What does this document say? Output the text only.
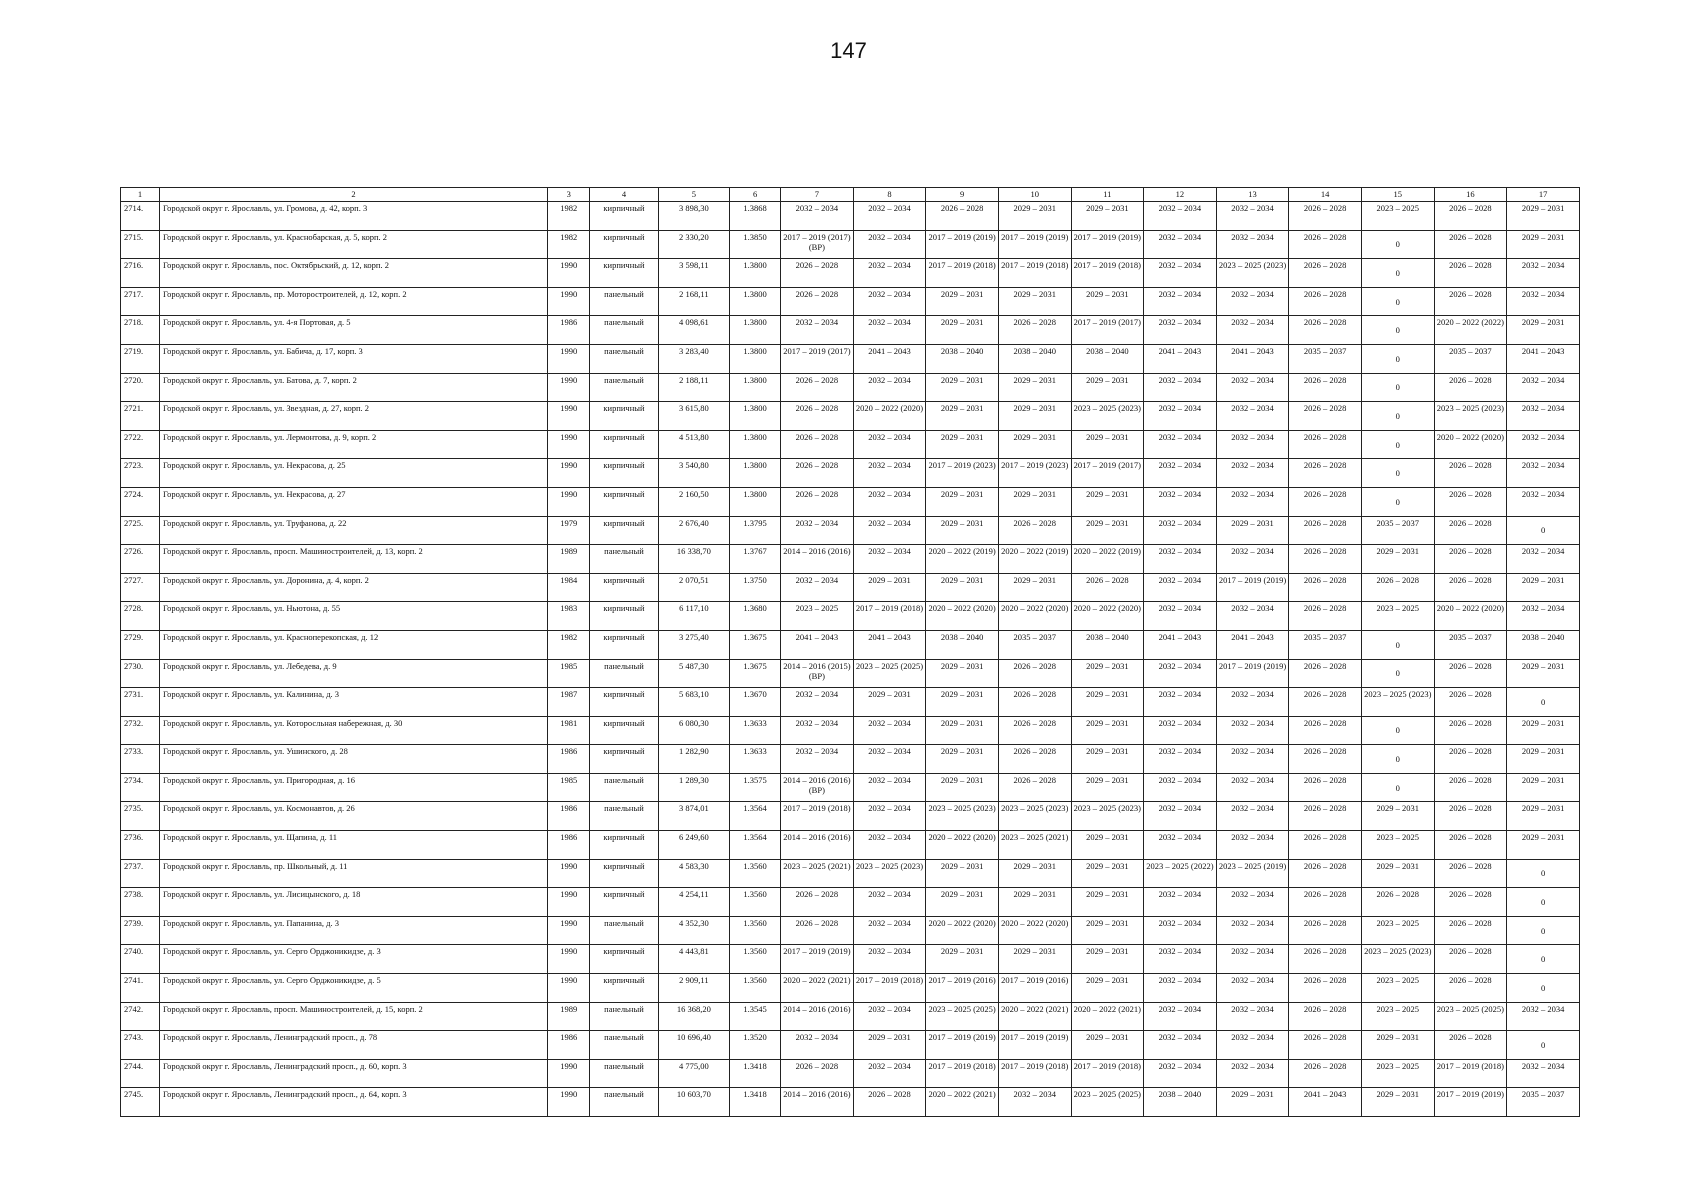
147
1	2	3	4	5	6	7	8	9	10	11	12	13	14	15	16	17
2714.	Городской округ г. Ярославль, ул. Громова, д. 42, корп. 3	1982	кирпичный	3 898,30	1.3868	2032 – 2034	2032 – 2034	2026 – 2028	2029 – 2031	2029 – 2031	2032 – 2034	2032 – 2034	2026 – 2028	2023 – 2025	2026 – 2028	2029 – 2031
2715.	Городской округ г. Ярославль, ул. Краснобарская, д. 5, корп. 2	1982	кирпичный	2 330,20	1.3850	2017 – 2019 (2017) (ВР)	2032 – 2034	2017 – 2019 (2019)	2017 – 2019 (2019)	2017 – 2019 (2019)	2032 – 2034	2032 – 2034	2026 – 2028	0	2026 – 2028	2029 – 2031
2716.	Городской округ г. Ярославль, пос. Октябрьский, д. 12, корп. 2	1990	кирпичный	3 598,11	1.3800	2026 – 2028	2032 – 2034	2017 – 2019 (2018)	2017 – 2019 (2018)	2017 – 2019 (2018)	2032 – 2034	2023 – 2025 (2023)	2026 – 2028	0	2026 – 2028	2032 – 2034
2717.	Городской округ г. Ярославль, пр. Моторостроителей, д. 12, корп. 2	1990	панельный	2 168,11	1.3800	2026 – 2028	2032 – 2034	2029 – 2031	2029 – 2031	2029 – 2031	2032 – 2034	2032 – 2034	2026 – 2028	0	2026 – 2028	2032 – 2034
2718.	Городской округ г. Ярославль, ул. 4-я Портовая, д. 5	1986	панельный	4 098,61	1.3800	2032 – 2034	2032 – 2034	2029 – 2031	2026 – 2028	2017 – 2019 (2017)	2032 – 2034	2032 – 2034	2026 – 2028	0	2020 – 2022 (2022)	2029 – 2031
2719.	Городской округ г. Ярославль, ул. Бабича, д. 17, корп. 3	1990	панельный	3 283,40	1.3800	2017 – 2019 (2017)	2041 – 2043	2038 – 2040	2038 – 2040	2038 – 2040	2041 – 2043	2041 – 2043	2035 – 2037	0	2035 – 2037	2041 – 2043
2720.	Городской округ г. Ярославль, ул. Батова, д. 7, корп. 2	1990	панельный	2 188,11	1.3800	2026 – 2028	2032 – 2034	2029 – 2031	2029 – 2031	2029 – 2031	2032 – 2034	2032 – 2034	2026 – 2028	0	2026 – 2028	2032 – 2034
2721.	Городской округ г. Ярославль, ул. Звездная, д. 27, корп. 2	1990	кирпичный	3 615,80	1.3800	2026 – 2028	2020 – 2022 (2020)	2029 – 2031	2029 – 2031	2023 – 2025 (2023)	2032 – 2034	2032 – 2034	2026 – 2028	0	2023 – 2025 (2023)	2032 – 2034
2722.	Городской округ г. Ярославль, ул. Лермонтова, д. 9, корп. 2	1990	кирпичный	4 513,80	1.3800	2026 – 2028	2032 – 2034	2029 – 2031	2029 – 2031	2029 – 2031	2032 – 2034	2032 – 2034	2026 – 2028	0	2020 – 2022 (2020)	2032 – 2034
2723.	Городской округ г. Ярославль, ул. Некрасова, д. 25	1990	кирпичный	3 540,80	1.3800	2026 – 2028	2032 – 2034	2017 – 2019 (2023)	2017 – 2019 (2023)	2017 – 2019 (2017)	2032 – 2034	2032 – 2034	2026 – 2028	0	2026 – 2028	2032 – 2034
2724.	Городской округ г. Ярославль, ул. Некрасова, д. 27	1990	кирпичный	2 160,50	1.3800	2026 – 2028	2032 – 2034	2029 – 2031	2029 – 2031	2029 – 2031	2032 – 2034	2032 – 2034	2026 – 2028	0	2026 – 2028	2032 – 2034
2725.	Городской округ г. Ярославль, ул. Труфанова, д. 22	1979	кирпичный	2 676,40	1.3795	2032 – 2034	2032 – 2034	2029 – 2031	2026 – 2028	2029 – 2031	2032 – 2034	2029 – 2031	2026 – 2028	2035 – 2037	2026 – 2028	0
2726.	Городской округ г. Ярославль, просп. Машиностроителей, д. 13, корп. 2	1989	панельный	16 338,70	1.3767	2014 – 2016 (2016)	2032 – 2034	2020 – 2022 (2019)	2020 – 2022 (2019)	2020 – 2022 (2019)	2032 – 2034	2032 – 2034	2026 – 2028	2029 – 2031	2026 – 2028	2032 – 2034
2727.	Городской округ г. Ярославль, ул. Доронина, д. 4, корп. 2	1984	кирпичный	2 070,51	1.3750	2032 – 2034	2029 – 2031	2029 – 2031	2029 – 2031	2026 – 2028	2032 – 2034	2017 – 2019 (2019)	2026 – 2028	2026 – 2028	2026 – 2028	2029 – 2031
2728.	Городской округ г. Ярославль, ул. Ньютона, д. 55	1983	кирпичный	6 117,10	1.3680	2023 – 2025	2017 – 2019 (2018)	2020 – 2022 (2020)	2020 – 2022 (2020)	2020 – 2022 (2020)	2032 – 2034	2032 – 2034	2026 – 2028	2023 – 2025	2020 – 2022 (2020)	2032 – 2034
2729.	Городской округ г. Ярославль, ул. Красноперекопская, д. 12	1982	кирпичный	3 275,40	1.3675	2041 – 2043	2041 – 2043	2038 – 2040	2035 – 2037	2038 – 2040	2041 – 2043	2041 – 2043	2035 – 2037	0	2035 – 2037	2038 – 2040
2730.	Городской округ г. Ярославль, ул. Лебедева, д. 9	1985	панельный	5 487,30	1.3675	2014 – 2016 (2015) (ВР)	2023 – 2025 (2025)	2029 – 2031	2026 – 2028	2029 – 2031	2032 – 2034	2017 – 2019 (2019)	2026 – 2028	0	2026 – 2028	2029 – 2031
2731.	Городской округ г. Ярославль, ул. Калинина, д. 3	1987	кирпичный	5 683,10	1.3670	2032 – 2034	2029 – 2031	2029 – 2031	2026 – 2028	2029 – 2031	2032 – 2034	2032 – 2034	2026 – 2028	2023 – 2025 (2023)	2026 – 2028	0
2732.	Городской округ г. Ярославль, ул. Которосльная набережная, д. 30	1981	кирпичный	6 080,30	1.3633	2032 – 2034	2032 – 2034	2029 – 2031	2026 – 2028	2029 – 2031	2032 – 2034	2032 – 2034	2026 – 2028	0	2026 – 2028	2029 – 2031
2733.	Городской округ г. Ярославль, ул. Ушинского, д. 28	1986	кирпичный	1 282,90	1.3633	2032 – 2034	2032 – 2034	2029 – 2031	2026 – 2028	2029 – 2031	2032 – 2034	2032 – 2034	2026 – 2028	0	2026 – 2028	2029 – 2031
2734.	Городской округ г. Ярославль, ул. Пригородная, д. 16	1985	панельный	1 289,30	1.3575	2014 – 2016 (2016) (ВР)	2032 – 2034	2029 – 2031	2026 – 2028	2029 – 2031	2032 – 2034	2032 – 2034	2026 – 2028	0	2026 – 2028	2029 – 2031
2735.	Городской округ г. Ярославль, ул. Космонавтов, д. 26	1986	панельный	3 874,01	1.3564	2017 – 2019 (2018)	2032 – 2034	2023 – 2025 (2023)	2023 – 2025 (2023)	2023 – 2025 (2023)	2032 – 2034	2032 – 2034	2026 – 2028	2029 – 2031	2026 – 2028	2029 – 2031
2736.	Городской округ г. Ярославль, ул. Щапина, д. 11	1986	кирпичный	6 249,60	1.3564	2014 – 2016 (2016)	2032 – 2034	2020 – 2022 (2020)	2023 – 2025 (2021)	2029 – 2031	2032 – 2034	2032 – 2034	2026 – 2028	2023 – 2025	2026 – 2028	2029 – 2031
2737.	Городской округ г. Ярославль, пр. Школьный, д. 11	1990	кирпичный	4 583,30	1.3560	2023 – 2025 (2021)	2023 – 2025 (2023)	2029 – 2031	2029 – 2031	2029 – 2031	2023 – 2025 (2022)	2023 – 2025 (2019)	2026 – 2028	2029 – 2031	2026 – 2028	0
2738.	Городской округ г. Ярославль, ул. Лисицынского, д. 18	1990	кирпичный	4 254,11	1.3560	2026 – 2028	2032 – 2034	2029 – 2031	2029 – 2031	2029 – 2031	2032 – 2034	2032 – 2034	2026 – 2028	2026 – 2028	2026 – 2028	0
2739.	Городской округ г. Ярославль, ул. Папанина, д. 3	1990	панельный	4 352,30	1.3560	2026 – 2028	2032 – 2034	2020 – 2022 (2020)	2020 – 2022 (2020)	2029 – 2031	2032 – 2034	2032 – 2034	2026 – 2028	2023 – 2025	2026 – 2028	0
2740.	Городской округ г. Ярославль, ул. Серго Орджоникидзе, д. 3	1990	кирпичный	4 443,81	1.3560	2017 – 2019 (2019)	2032 – 2034	2029 – 2031	2029 – 2031	2029 – 2031	2032 – 2034	2032 – 2034	2026 – 2028	2023 – 2025 (2023)	2026 – 2028	0
2741.	Городской округ г. Ярославль, ул. Серго Орджоникидзе, д. 5	1990	кирпичный	2 909,11	1.3560	2020 – 2022 (2021)	2017 – 2019 (2018)	2017 – 2019 (2016)	2017 – 2019 (2016)	2029 – 2031	2032 – 2034	2032 – 2034	2026 – 2028	2023 – 2025	2026 – 2028	0
2742.	Городской округ г. Ярославль, просп. Машиностроителей, д. 15, корп. 2	1989	панельный	16 368,20	1.3545	2014 – 2016 (2016)	2032 – 2034	2023 – 2025 (2025)	2020 – 2022 (2021)	2020 – 2022 (2021)	2032 – 2034	2032 – 2034	2026 – 2028	2023 – 2025	2023 – 2025 (2025)	2032 – 2034
2743.	Городской округ г. Ярославль, Ленинградский просп., д. 78	1986	панельный	10 696,40	1.3520	2032 – 2034	2029 – 2031	2017 – 2019 (2019)	2017 – 2019 (2019)	2029 – 2031	2032 – 2034	2032 – 2034	2026 – 2028	2029 – 2031	2026 – 2028	0
2744.	Городской округ г. Ярославль, Ленинградский просп., д. 60, корп. 3	1990	панельный	4 775,00	1.3418	2026 – 2028	2032 – 2034	2017 – 2019 (2018)	2017 – 2019 (2018)	2017 – 2019 (2018)	2032 – 2034	2032 – 2034	2026 – 2028	2023 – 2025	2017 – 2019 (2018)	2032 – 2034
2745.	Городской округ г. Ярославль, Ленинградский просп., д. 64, корп. 3	1990	панельный	10 603,70	1.3418	2014 – 2016 (2016)	2026 – 2028	2020 – 2022 (2021)	2032 – 2034	2023 – 2025 (2025)	2038 – 2040	2029 – 2031	2041 – 2043	2029 – 2031	2017 – 2019 (2019)	2035 – 2037
